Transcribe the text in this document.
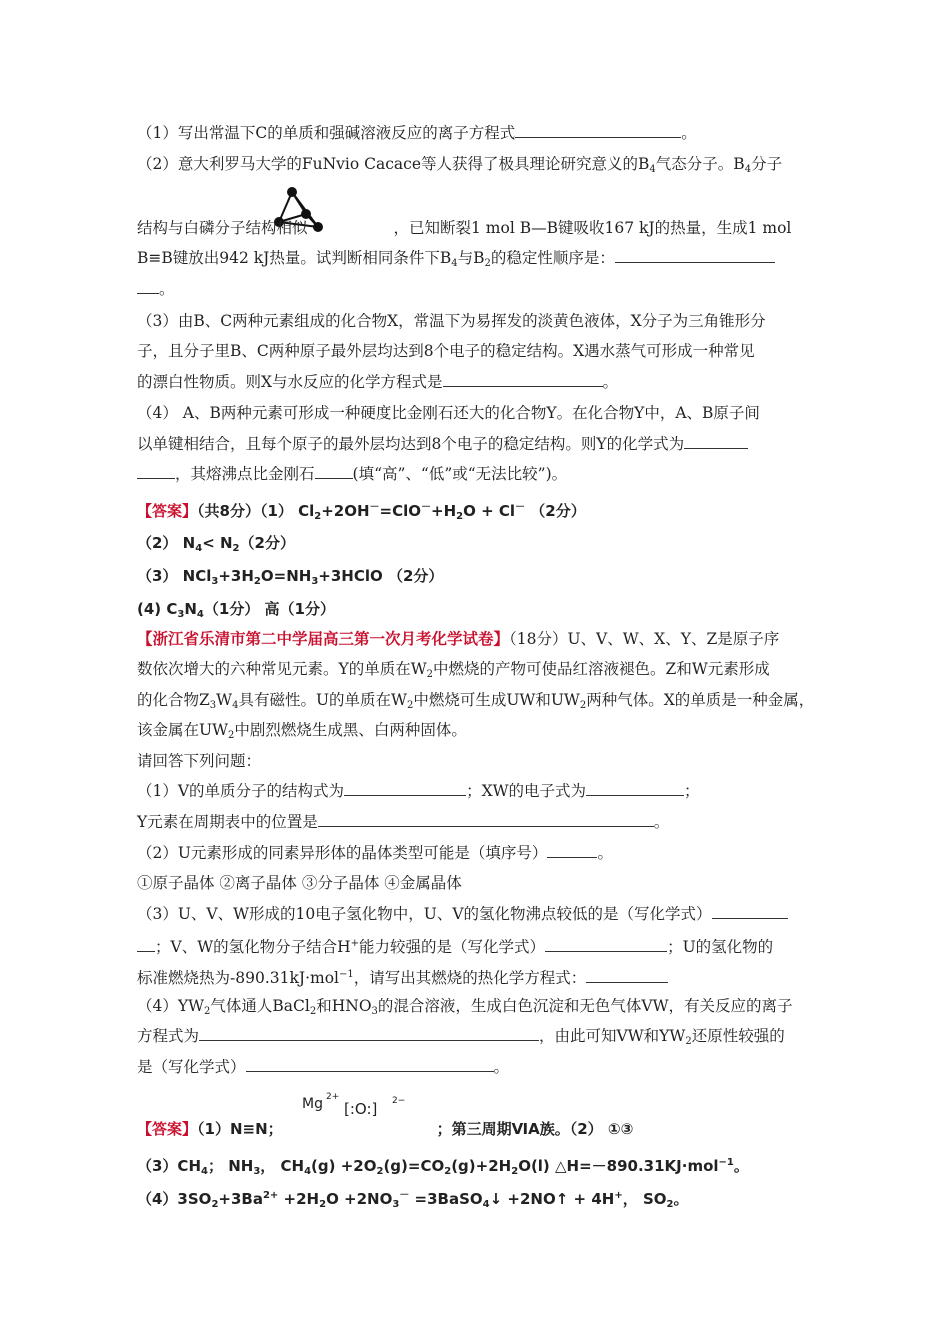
（1）写出常温下C的单质和强碱溶液反应的离子方程式	。
（2）意大利罗马大学的FuNvio Cacace等人获得了极具理论研究意义的$B_4$气态分子。$B_4$分子
结构与白磷分子结构相似	，已知断裂1 mol B—B键吸收167 kJ的热量，生成1 mol
B≡B键放出942 kJ热量。试判断相同条件下$B_4$与$B_2$的稳定性顺序是：
。
（3）由B、C两种元素组成的化合物X，常温下为易挥发的淡黄色液体，X分子为三角锥形分
子，且分子里B、C两种原子最外层均达到8个电子的稳定结构。X遇水蒸气可形成一种常见
的漂白性物质。则X与水反应的化学方程式是	。
（4） A、B两种元素可形成一种硬度比金刚石还大的化合物Y。在化合物Y中，A、B原子间
以单键相结合，且每个原子的最外层均达到8个电子的稳定结构。则Y的化学式为
，其熔沸点比金刚石 (填“高”、“低”或“无法比较”)。
【答案】（共8分）（1） $Cl_2+2OH^-=ClO^-+H_2O + Cl^-$ （2分）
（2） $N_4< N_2(2$分）
（3） $NCl_3+3H_2O=NH_3+3HClO$ （2分）
(4) $C_3N_4(1$分） 高（1分）
【浙江省乐清市第二中学届高三第一次月考化学试卷】（18分）U、V、W、X、Y、Z是原子序
数依次增大的六种常见元素。Y的单质在$W_2$中燃烧的产物可使品红溶液褪色。Z和W元素形成
的化合物$Z_3W_4$具有磁性。U的单质在$W_2$中燃烧可生成UW和$UW_2$两种气体。X的单质是一种金属，
该金属在$UW_2$中剧烈燃烧生成黑、白两种固体。
请回答下列问题：
（1）V的单质分子的结构式为	；XW的电子式为	；
Y元素在周期表中的位置是	。
（2）U元素形成的同素异形体的晶体类型可能是（填序号）	。
①原子晶体 ②离子晶体 ③分子晶体 ④金属晶体
（3）U、V、W形成的10电子氢化物中，U、V的氢化物沸点较低的是（写化学式）
；V、W的氢化物分子结合H+能力较强的是（写化学式）	；U的氢化物的
标准燃烧热为-890.31kJ·mol$^{-1}$，请写出其燃烧的热化学方程式：
$(4)YW_2$气体通人BaCl$_2$和$HNO_3$的混合溶液，生成白色沉淀和无色气体VW，有关反应的离子
方程式为	，由此可知VW和$YW_2$还原性较强的
是（写化学式）	。
Mg 2+
[:O:] 2−
【答案】（1）N≡N；	；第三周期ⅥA族。（2） ①③
$(3)CH_4$； $NH_3$， $CH_4(g) +2O_2(g)=CO_2(g)+2H_2O(l)$ △H=－890.31KJ·mol$^{-1}$。
$(4)3SO_2+3Ba^{2+} +2H_2O +2NO_3^-$ =3BaSO$_4$↓ +2NO↑ + 4H+， $SO_2$。
